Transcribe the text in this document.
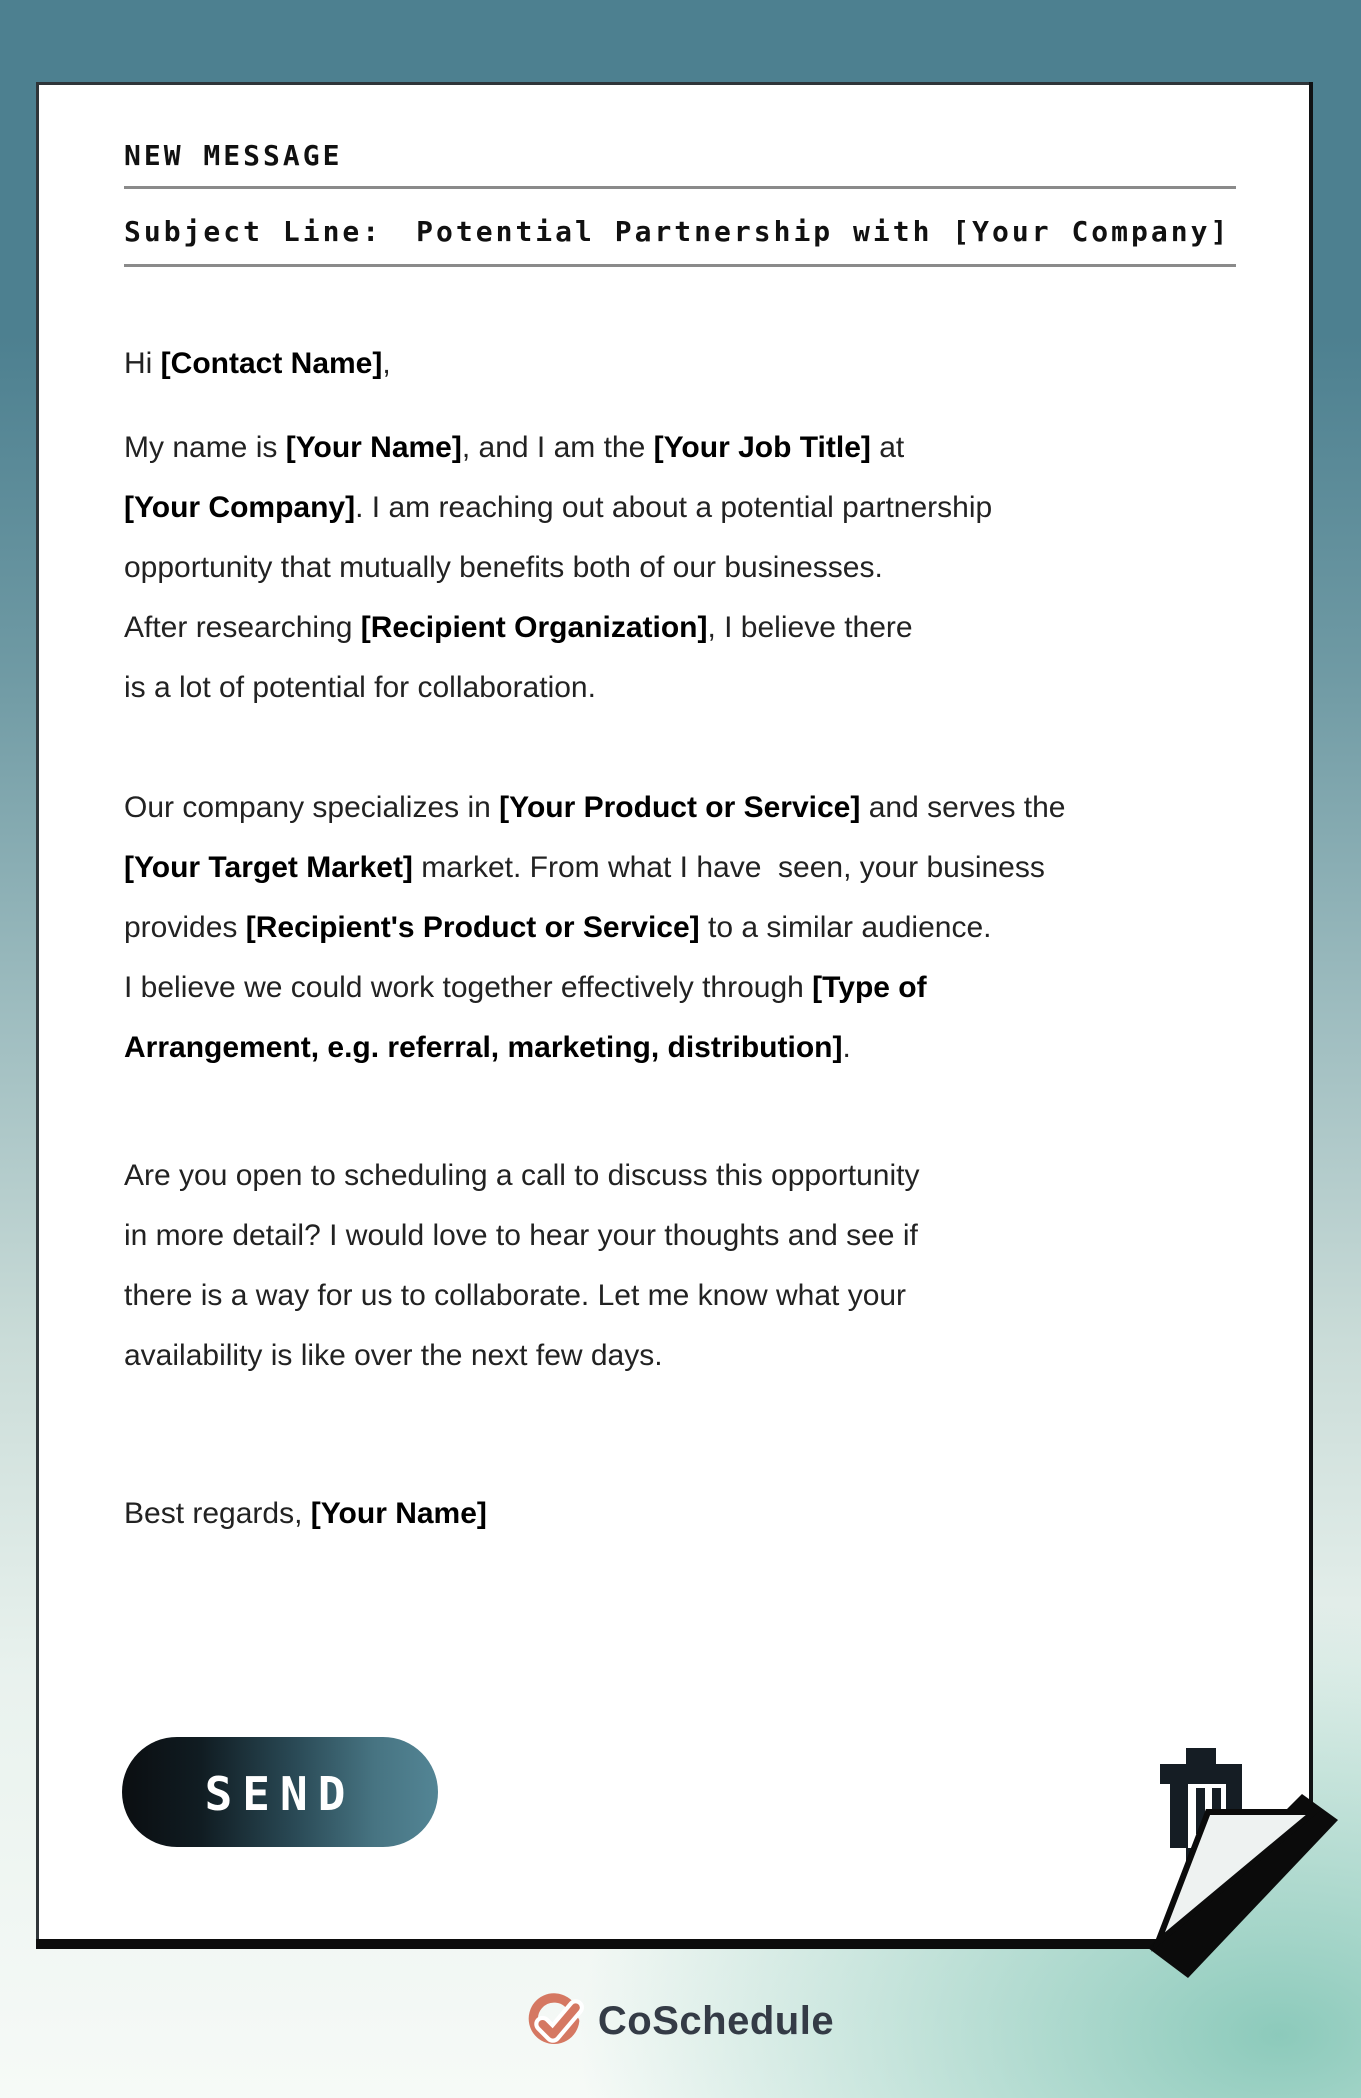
NEW MESSAGE
Subject Line: Potential Partnership with [Your Company]
Hi [Contact Name],
My name is [Your Name], and I am the [Your Job Title] at
[Your Company]. I am reaching out about a potential partnership
opportunity that mutually benefits both of our businesses.
After researching [Recipient Organization], I believe there
is a lot of potential for collaboration.
Our company specializes in [Your Product or Service] and serves the
[Your Target Market] market. From what I have  seen, your business
provides [Recipient's Product or Service] to a similar audience.
I believe we could work together effectively through [Type of
Arrangement, e.g. referral, marketing, distribution].
Are you open to scheduling a call to discuss this opportunity
in more detail? I would love to hear your thoughts and see if
there is a way for us to collaborate. Let me know what your
availability is like over the next few days.
Best regards, [Your Name]
SEND
CoSchedule
